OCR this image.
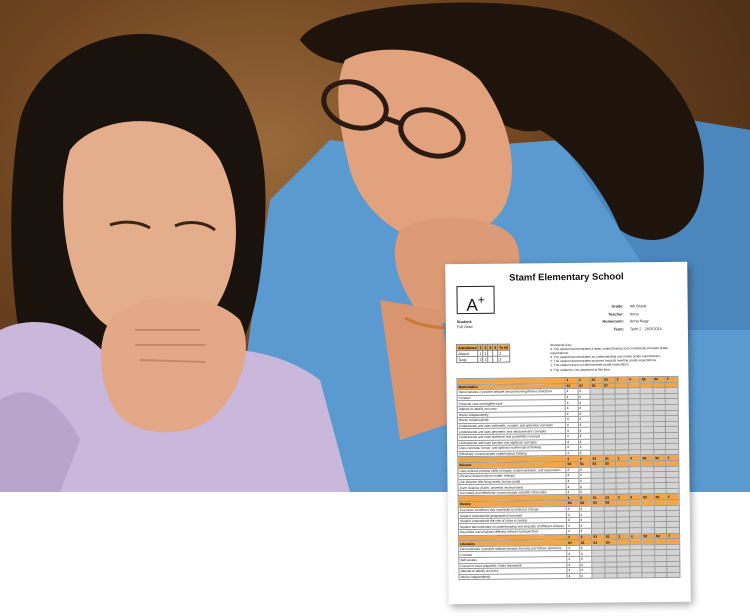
Stamf Elementary School
A+	Grade: 4th Grade
Teacher: Anna
Homeroom: Anna Nagy
Term: Term 2 - 20/3/2014
Student:
Full Grad
Attendance	1	2	3	4	To tal
Absent	1	2			3
Tardy	3	1			3
Standards Key:
4: The student demonstrates a deep understanding and consistently exceeds grade expectations.
3: The student demonstrates an understanding and meets grade expectations.
2: The student demonstrates progress towards meeting grade expectations.
1: The student does not demonstrate grade expectation.
0: The student is not assessed at this time.
	1	2	S1	S1	3	4	S2	S2	F
Mathematics	S7	S7	S2	S7					
Demonstrates a positive attitude toward learning/follows directions	4	4							
Conduct	4	4							
Presents neat and legible work	4	4							
Attends to details accuracy	4	4							
Works independently	4	4							
Works collaboratively	4	4							
Understands and uses arithmetic, number, and operation concepts	4	4							
Understands and uses geometric and measurement concepts	4	4							
Understands and uses statistical and probability concepts	4	4							
Understands and uses function and algebraic concepts	4	4							
Uses concrete, formal, and abstract mathematical thinking	4	4							
Effectively communicates mathematical thinking	4	4							
	1	2	S1	S1	3	4	S2	S2	F
Science	S3	S1	S4	S5					
Uses science process skills of inquiry, experimentation, and explanation	4	4							
Physical Science (force matter, energy)	4	4							
Life Science (the living world, human body)	4	4							
Earth Science (Earth, universe, environment)	4	4							
Accurately and effectively communicates scientific information	4	4							
	1	2	S1	S1	3	4	S2	S2	F
History	S3	S2	S4	S5					
Examines conditions that contribute to historical change	4	4							
Student understands geographical concepts	4	4							
Student understands the role of civics in society	4	4							
Student demonstrates an understanding and empathy of different cultures	4	4							
Describes and analyzes differing historical perspectives	4	4							
	1	2	S1	S1	3	4	S2	S2	F
Literature	S7	S1	S1	S4					
Demonstrates a positive attitude towards learning and follows directions	4	4							
Conduct	4	4							
Self-assess	4	4							
Comes to class prepared / Does homework	4	4							
Attends to details accuracy	4	4							
Works independently	4	4							
